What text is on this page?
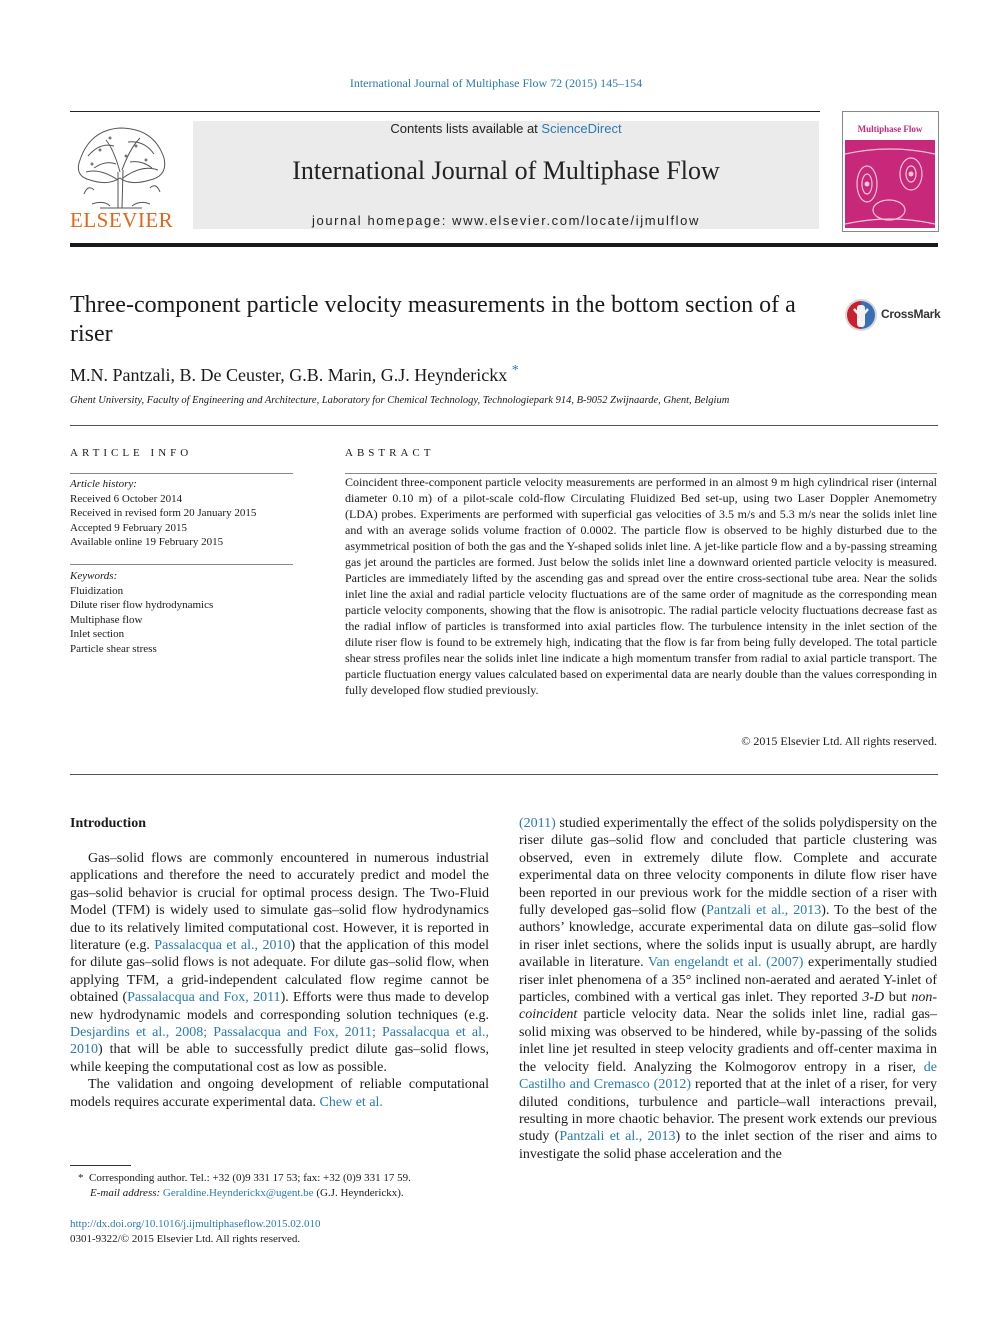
International Journal of Multiphase Flow 72 (2015) 145–154
ELSEVIER
Contents lists available at ScienceDirect
International Journal of Multiphase Flow
journal homepage: www.elsevier.com/locate/ijmulflow
Multiphase Flow
Three-component particle velocity measurements in the bottom section of a riser
CrossMark
M.N. Pantzali, B. De Ceuster, G.B. Marin, G.J. Heynderickx *
Ghent University, Faculty of Engineering and Architecture, Laboratory for Chemical Technology, Technologiepark 914, B-9052 Zwijnaarde, Ghent, Belgium
ARTICLE INFO
Article history:
Received 6 October 2014
Received in revised form 20 January 2015
Accepted 9 February 2015
Available online 19 February 2015
Keywords:
Fluidization
Dilute riser flow hydrodynamics
Multiphase flow
Inlet section
Particle shear stress
ABSTRACT
Coincident three-component particle velocity measurements are performed in an almost 9 m high cylindrical riser (internal diameter 0.10 m) of a pilot-scale cold-flow Circulating Fluidized Bed set-up, using two Laser Doppler Anemometry (LDA) probes. Experiments are performed with superficial gas velocities of 3.5 m/s and 5.3 m/s near the solids inlet line and with an average solids volume fraction of 0.0002. The particle flow is observed to be highly disturbed due to the asymmetrical position of both the gas and the Y-shaped solids inlet line. A jet-like particle flow and a by-passing streaming gas jet around the particles are formed. Just below the solids inlet line a downward oriented particle velocity is measured. Particles are immediately lifted by the ascending gas and spread over the entire cross-sectional tube area. Near the solids inlet line the axial and radial particle velocity fluctuations are of the same order of magnitude as the corresponding mean particle velocity components, showing that the flow is anisotropic. The radial particle velocity fluctuations decrease fast as the radial inflow of particles is transformed into axial particles flow. The turbulence intensity in the inlet section of the dilute riser flow is found to be extremely high, indicating that the flow is far from being fully developed. The total particle shear stress profiles near the solids inlet line indicate a high momentum transfer from radial to axial particle transport. The particle fluctuation energy values calculated based on experimental data are nearly double than the values corresponding in fully developed flow studied previously.
© 2015 Elsevier Ltd. All rights reserved.
Introduction

Gas–solid flows are commonly encountered in numerous industrial applications and therefore the need to accurately predict and model the gas–solid behavior is crucial for optimal process design. The Two-Fluid Model (TFM) is widely used to simulate gas–solid flow hydrodynamics due to its relatively limited computational cost. However, it is reported in literature (e.g. Passalacqua et al., 2010) that the application of this model for dilute gas–solid flows is not adequate. For dilute gas–solid flow, when applying TFM, a grid-independent calculated flow regime cannot be obtained (Passalacqua and Fox, 2011). Efforts were thus made to develop new hydrodynamic models and corresponding solution techniques (e.g. Desjardins et al., 2008; Passalacqua and Fox, 2011; Passalacqua et al., 2010) that will be able to successfully predict dilute gas–solid flows, while keeping the computational cost as low as possible.

The validation and ongoing development of reliable computational models requires accurate experimental data. Chew et al.

(2011) studied experimentally the effect of the solids polydispersity on the riser dilute gas–solid flow and concluded that particle clustering was observed, even in extremely dilute flow. Complete and accurate experimental data on three velocity components in dilute flow riser have been reported in our previous work for the middle section of a riser with fully developed gas–solid flow (Pantzali et al., 2013). To the best of the authors’ knowledge, accurate experimental data on dilute gas–solid flow in riser inlet sections, where the solids input is usually abrupt, are hardly available in literature. Van engelandt et al. (2007) experimentally studied riser inlet phenomena of a 35° inclined non-aerated and aerated Y-inlet of particles, combined with a vertical gas inlet. They reported 3-D but non-coincident particle velocity data. Near the solids inlet line, radial gas–solid mixing was observed to be hindered, while by-passing of the solids inlet line jet resulted in steep velocity gradients and off-center maxima in the velocity field. Analyzing the Kolmogorov entropy in a riser, de Castilho and Cremasco (2012) reported that at the inlet of a riser, for very diluted conditions, turbulence and particle–wall interactions prevail, resulting in more chaotic behavior. The present work extends our previous study (Pantzali et al., 2013) to the inlet section of the riser and aims to investigate the solid phase acceleration and the

* Corresponding author. Tel.: +32 (0)9 331 17 53; fax: +32 (0)9 331 17 59.
E-mail address: Geraldine.Heynderickx@ugent.be (G.J. Heynderickx).
http://dx.doi.org/10.1016/j.ijmultiphaseflow.2015.02.010
0301-9322/© 2015 Elsevier Ltd. All rights reserved.
